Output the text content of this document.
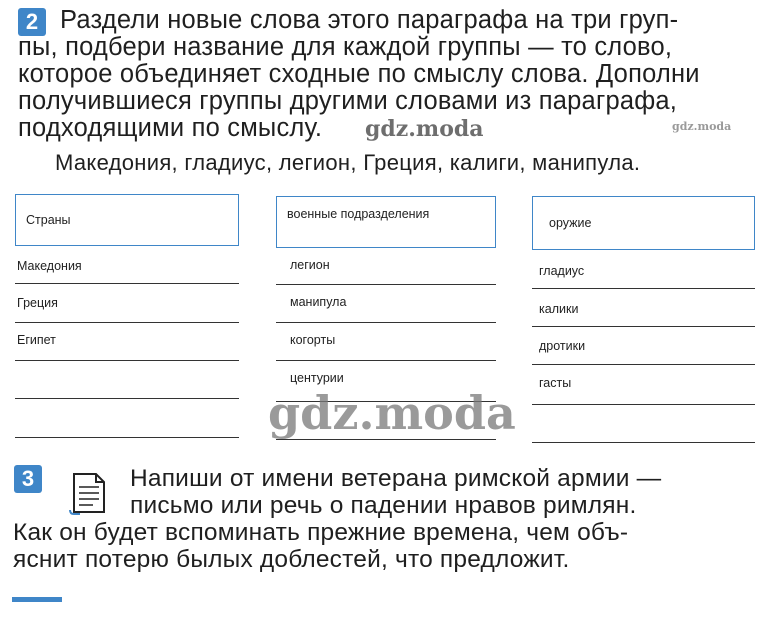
2 Раздели новые слова этого параграфа на три груп-
пы, подбери название для каждой группы — то слово,
которое объединяет сходные по смыслу слова. Дополни
получившиеся группы другими словами из параграфа,
подходящими по смыслу.	gdz.moda	gdz.moda
Македония, гладиус, легион, Греция, калиги, манипула.
Страны
Македония
Греция
Египет
военные подразделения
легион
манипула
когорты
центурии
оружие
гладиус
калики
дротики
гасты
gdz.moda
3	Напиши от имени ветерана римской армии —
письмо или речь о падении нравов римлян.
Как он будет вспоминать прежние времена, чем объ-
яснит потерю былых доблестей, что предложит.
